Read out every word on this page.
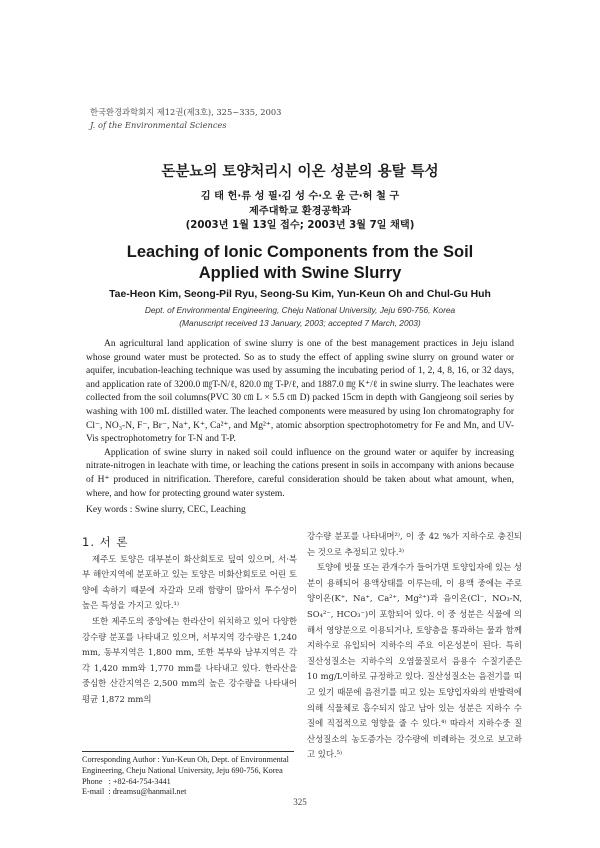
한국환경과학회지 제12권(제3호), 325~335, 2003
J. of the Environmental Sciences
돈분뇨의 토양처리시 이온 성분의 용탈 특성
김 태 헌·류 성 필·김 성 수·오 윤 근·허 철 구
제주대학교 환경공학과
(2003년 1월 13일 접수; 2003년 3월 7일 채택)
Leaching of Ionic Components from the Soil
Applied with Swine Slurry
Tae-Heon Kim, Seong-Pil Ryu, Seong-Su Kim, Yun-Keun Oh and Chul-Gu Huh
Dept. of Environmental Engineering, Cheju National University, Jeju 690-756, Korea
(Manuscript received 13 January, 2003; accepted 7 March, 2003)

An agricultural land application of swine slurry is one of the best management practices in Jeju island whose ground water must be protected. So as to study the effect of appling swine slurry on ground water or aquifer, incubation-leaching technique was used by assuming the incubating period of 1, 2, 4, 8, 16, or 32 days, and application rate of 3200.0 ㎎T-N/ℓ, 820.0 ㎎ T-P/ℓ, and 1887.0 ㎎ K⁺/ℓ in swine slurry. The leachates were collected from the soil columns(PVC 30 ㎝ L × 5.5 ㎝ D) packed 15cm in depth with Gangjeong soil series by washing with 100 mL distilled water. The leached components were measured by using Ion chromatography for Cl⁻, NO₃-N, F⁻, Br⁻, Na⁺, K⁺, Ca²⁺, and Mg²⁺, atomic absorption spectrophotometry for Fe and Mn, and UV-Vis spectrophotometry for T-N and T-P.

Application of swine slurry in naked soil could influence on the ground water or aquifer by increasing nitrate-nitrogen in leachate with time, or leaching the cations present in soils in accompany with anions because of H⁺ produced in nitrification. Therefore, careful consideration should be taken about what amount, when, where, and how for protecting ground water system.

Key words : Swine slurry, CEC, Leaching
1. 서 론

제주도 토양은 대부분이 화산회토로 덮여 있으며, 서·북부 해안지역에 분포하고 있는 토양은 비화산회토로 어린 토양에 속하기 때문에 자갈과 모래 함량이 많아서 투수성이 높은 특성을 가지고 있다.¹⁾

또한 제주도의 중앙에는 한라산이 위치하고 있어 다양한 강수량 분포를 나타내고 있으며, 서부지역 강수량은 1,240 mm, 동부지역은 1,800 mm, 또한 북부와 남부지역은 각각 1,420 mm와 1,770 mm를 나타내고 있다. 한라산을 중심한 산간지역은 2,500 mm의 높은 강수량을 나타내어 평균 1,872 mm의

강수량 분포를 나타내며²⁾, 이 중 42 %가 지하수로 충진되는 것으로 추정되고 있다.³⁾

토양에 빗물 또는 관개수가 들어가면 토양입자에 있는 성분이 용해되어 용액상태를 이루는데, 이 용액 중에는 주로 양이온(K⁺, Na⁺, Ca²⁺, Mg²⁺)과 음이온(Cl⁻, NO₃-N, SO₄²⁻, HCO₃⁻)이 포함되어 있다. 이 중 성분은 식물에 의해서 영양분으로 이용되거나, 토양층을 통과하는 물과 함께 지하수로 유입되어 지하수의 주요 이온성분이 된다. 특히 질산성질소는 지하수의 오염물질로서 음용수 수질기준은 10 mg/L이하로 규정하고 있다. 질산성질소는 음전기를 띠고 있기 때문에 음전기를 띠고 있는 토양입자와의 반발력에 의해 식물체로 흡수되지 않고 남아 있는 성분은 지하수 수질에 직접적으로 영향을 줄 수 있다.⁴⁾ 따라서 지하수중 질산성질소의 농도증가는 강수량에 비례하는 것으로 보고하고 있다.⁵⁾

Corresponding Author : Yun-Keun Oh, Dept. of Environmental Engineering, Cheju National University, Jeju 690-756, Korea
Phone   : +82-64-754-3441
E-mail  : dreamsu@hanmail.net
325
